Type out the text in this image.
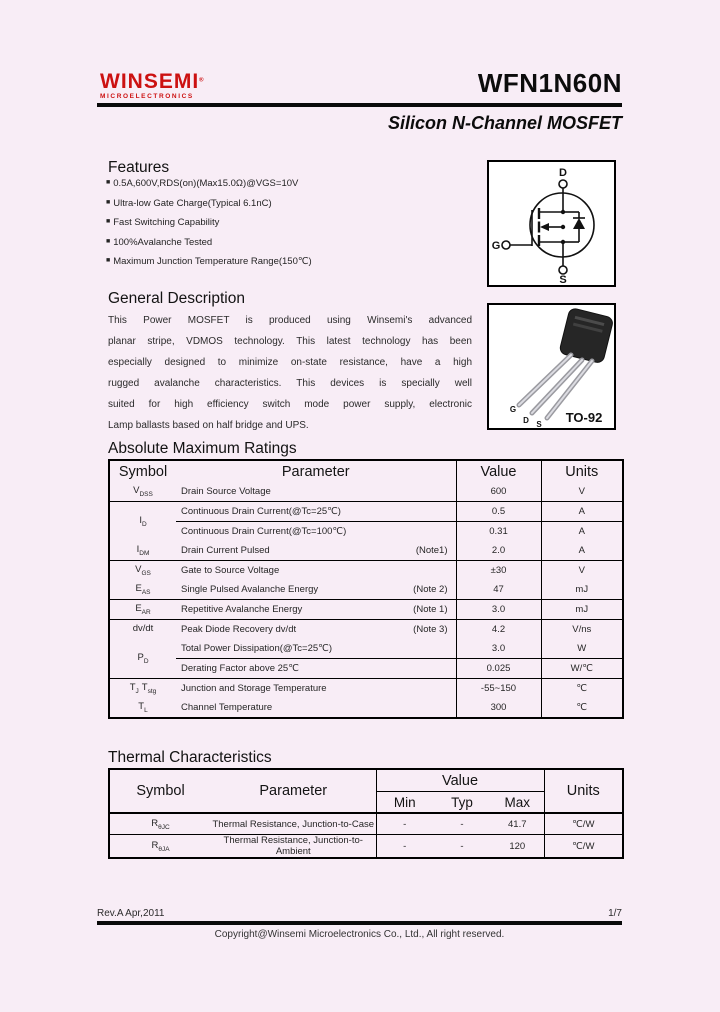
WINSEMI®
MICROELECTRONICS	WFN1N60N
Silicon N-Channel MOSFET
Features
■ 0.5A,600V,RDS(on)(Max15.0Ω)@VGS=10V
■ Ultra-low Gate Charge(Typical 6.1nC)
■ Fast Switching Capability
■ 100%Avalanche Tested
■ Maximum Junction Temperature Range(150℃)
D
G
S
General Description
This Power MOSFET is produced using Winsemi's advanced
planar stripe, VDMOS technology. This latest technology has been
especially designed to minimize on-state resistance, have a high
rugged avalanche characteristics. This devices is specially well
suited for high efficiency switch mode power supply, electronic
Lamp ballasts based on half bridge and UPS.
G
D S TO-92
Absolute Maximum Ratings
Symbol	Parameter	Value	Units
$V_{DSS}$	Drain Source Voltage	600	V
$I_D$	Continuous Drain Current(@Tc=25℃)	0.5	A
	Continuous Drain Current(@Tc=100℃)	0.31	A
$I_{DM}$	Drain Current Pulsed (Note1)	2.0	A
$V_{GS}$	Gate to Source Voltage	±30	V
$E_{AS}$	Single Pulsed Avalanche Energy (Note 2)	47	mJ
$E_{AR}$	Repetitive Avalanche Energy (Note 1)	3.0	mJ
dv/dt	Peak Diode Recovery dv/dt (Note 3)	4.2	V/ns
$P_D$	Total Power Dissipation(@Tc=25℃)	3.0	W
	Derating Factor above 25℃	0.025	W/℃
$T_J$ $T_{stg}$	Junction and Storage Temperature	-55~150	℃
$T_L$	Channel Temperature	300	℃
Thermal Characteristics
Symbol	Parameter	Value			Units
		Min	Typ	Max	
$R_{\theta JC}$	Thermal Resistance, Junction-to-Case	-	-	41.7	℃/W
$R_{\theta JA}$	Thermal Resistance, Junction-to-Ambient	-	-	120	℃/W
Rev.A Apr,2011	1/7
Copyright@Winsemi Microelectronics Co., Ltd., All right reserved.
